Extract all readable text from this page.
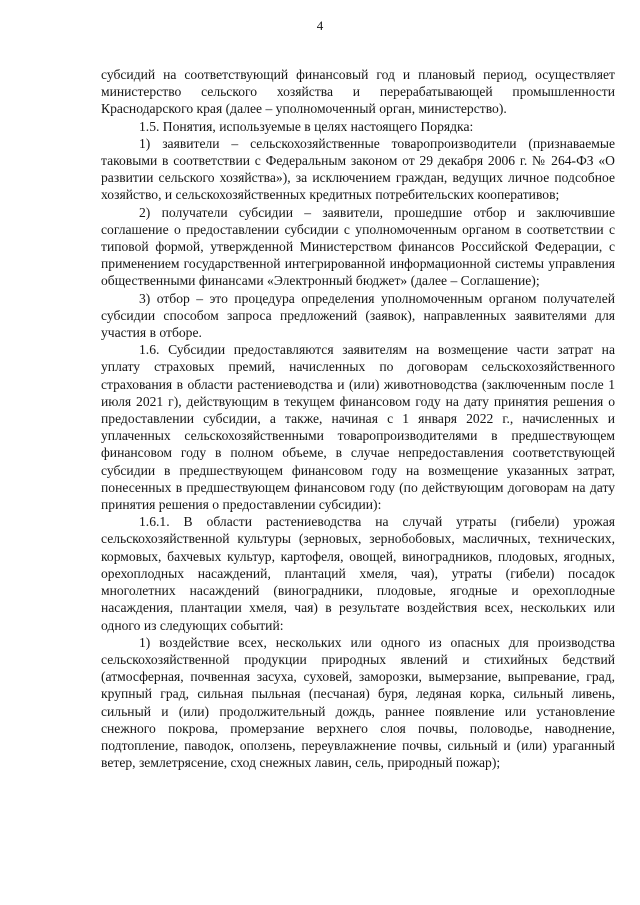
4

субсидий на соответствующий финансовый год и плановый период, осуществляет министерство сельского хозяйства и перерабатывающей промышленности Краснодарского края (далее – уполномоченный орган, министерство).

1.5. Понятия, используемые в целях настоящего Порядка:

1) заявители – сельскохозяйственные товаропроизводители (признаваемые таковыми в соответствии с Федеральным законом от 29 декабря 2006 г. № 264-ФЗ «О развитии сельского хозяйства»), за исключением граждан, ведущих личное подсобное хозяйство, и сельскохозяйственных кредитных потребительских кооперативов;

2) получатели субсидии – заявители, прошедшие отбор и заключившие соглашение о предоставлении субсидии с уполномоченным органом в соответствии с типовой формой, утвержденной Министерством финансов Российской Федерации, с применением государственной интегрированной информационной системы управления общественными финансами «Электронный бюджет» (далее – Соглашение);

3) отбор – это процедура определения уполномоченным органом получателей субсидии способом запроса предложений (заявок), направленных заявителями для участия в отборе.

1.6. Субсидии предоставляются заявителям на возмещение части затрат на уплату страховых премий, начисленных по договорам сельскохозяйственного страхования в области растениеводства и (или) животноводства (заключенным после 1 июля 2021 г), действующим в текущем финансовом году на дату принятия решения о предоставлении субсидии, а также, начиная с 1 января 2022 г., начисленных и уплаченных сельскохозяйственными товаропроизводителями в предшествующем финансовом году в полном объеме, в случае непредоставления соответствующей субсидии в предшествующем финансовом году на возмещение указанных затрат, понесенных в предшествующем финансовом году (по действующим договорам на дату принятия решения о предоставлении субсидии):

1.6.1. В области растениеводства на случай утраты (гибели) урожая сельскохозяйственной культуры (зерновых, зернобобовых, масличных, технических, кормовых, бахчевых культур, картофеля, овощей, виноградников, плодовых, ягодных, орехоплодных насаждений, плантаций хмеля, чая), утраты (гибели) посадок многолетних насаждений (виноградники, плодовые, ягодные и орехоплодные насаждения, плантации хмеля, чая) в результате воздействия всех, нескольких или одного из следующих событий:

1) воздействие всех, нескольких или одного из опасных для производства сельскохозяйственной продукции природных явлений и стихийных бедствий (атмосферная, почвенная засуха, суховей, заморозки, вымерзание, выпревание, град, крупный град, сильная пыльная (песчаная) буря, ледяная корка, сильный ливень, сильный и (или) продолжительный дождь, раннее появление или установление снежного покрова, промерзание верхнего слоя почвы, половодье, наводнение, подтопление, паводок, оползень, переувлажнение почвы, сильный и (или) ураганный ветер, землетрясение, сход снежных лавин, сель, природный пожар);
